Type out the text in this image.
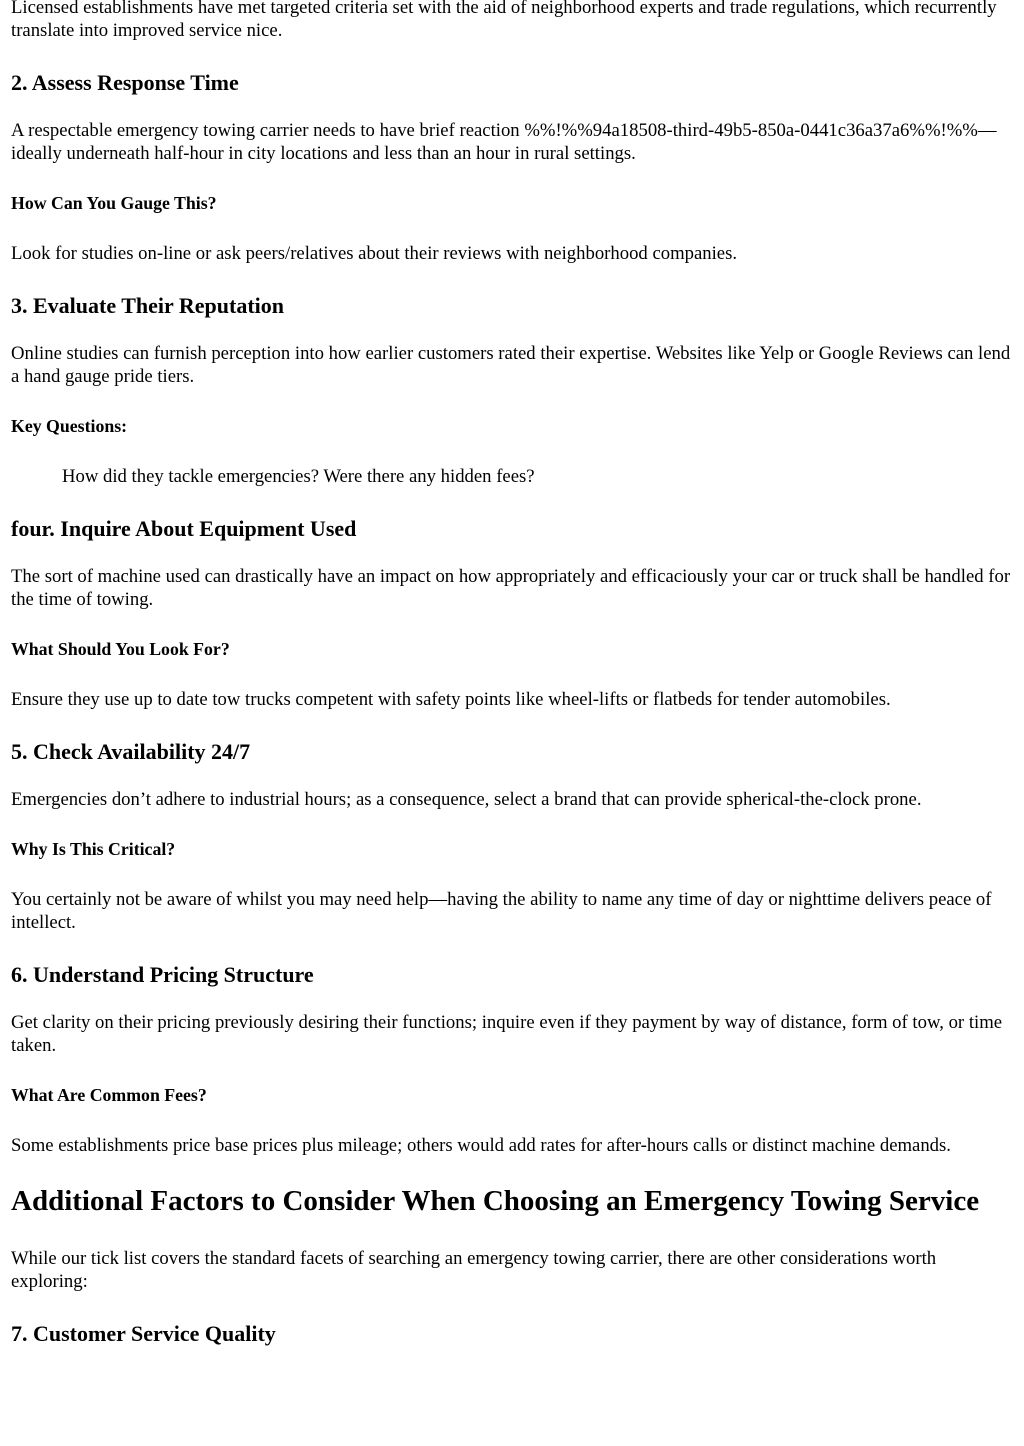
Licensed establishments have met targeted criteria set with the aid of neighborhood experts and trade regulations, which recurrently translate into improved service nice.

2. Assess Response Time

A respectable emergency towing carrier needs to have brief reaction %%!%%94a18508-third-49b5-850a-0441c36a37a6%%!%%—ideally underneath half-hour in city locations and less than an hour in rural settings.

How Can You Gauge This?

Look for studies on-line or ask peers/relatives about their reviews with neighborhood companies.

3. Evaluate Their Reputation

Online studies can furnish perception into how earlier customers rated their expertise. Websites like Yelp or Google Reviews can lend a hand gauge pride tiers.

Key Questions:
How did they tackle emergencies? Were there any hidden fees?
four. Inquire About Equipment Used

The sort of machine used can drastically have an impact on how appropriately and efficaciously your car or truck shall be handled for the time of towing.

What Should You Look For?

Ensure they use up to date tow trucks competent with safety points like wheel-lifts or flatbeds for tender automobiles.

5. Check Availability 24/7

Emergencies don’t adhere to industrial hours; as a consequence, select a brand that can provide spherical-the-clock prone.

Why Is This Critical?

You certainly not be aware of whilst you may need help—having the ability to name any time of day or nighttime delivers peace of intellect.

6. Understand Pricing Structure

Get clarity on their pricing previously desiring their functions; inquire even if they payment by way of distance, form of tow, or time taken.

What Are Common Fees?

Some establishments price base prices plus mileage; others would add rates for after-hours calls or distinct machine demands.

Additional Factors to Consider When Choosing an Emergency Towing Service

While our tick list covers the standard facets of searching an emergency towing carrier, there are other considerations worth exploring:

7. Customer Service Quality
